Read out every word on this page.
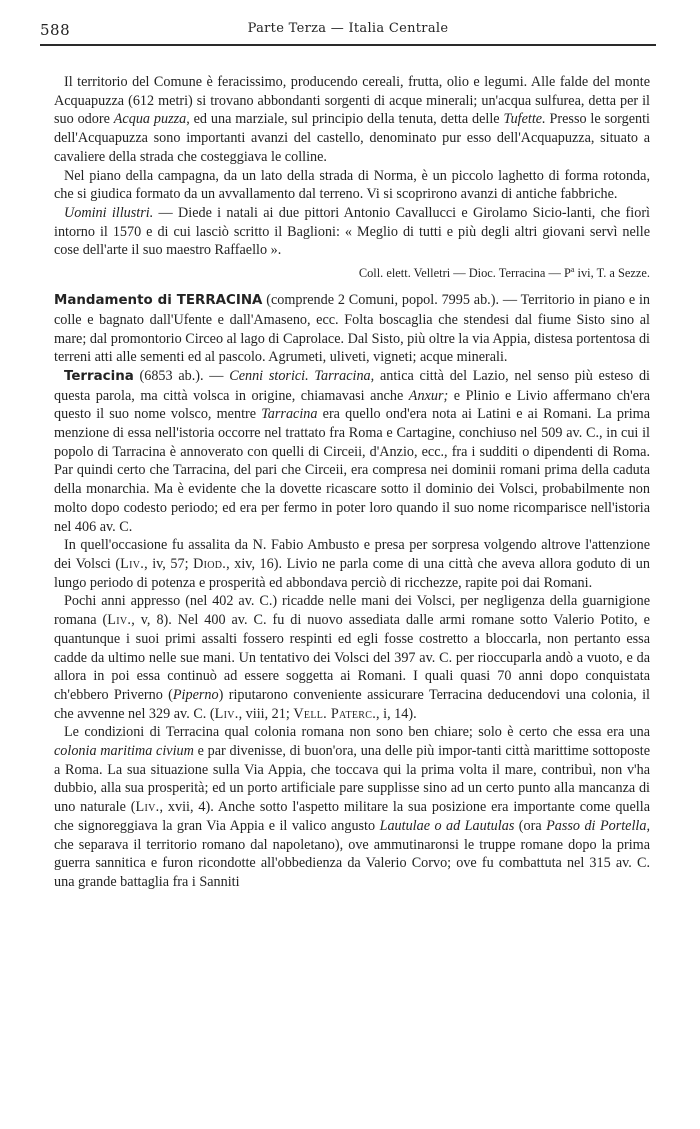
588	Parte Terza — Italia Centrale

Il territorio del Comune è feracissimo, producendo cereali, frutta, olio e legumi. Alle falde del monte Acquapuzza (612 metri) si trovano abbondanti sorgenti di acque minerali; un'acqua sulfurea, detta per il suo odore Acqua puzza, ed una marziale, sul principio della tenuta, detta delle Tufette. Presso le sorgenti dell'Acquapuzza sono importanti avanzi del castello, denominato pur esso dell'Acquapuzza, situato a cavaliere della strada che costeggiava le colline.

Nel piano della campagna, da un lato della strada di Norma, è un piccolo laghetto di forma rotonda, che si giudica formato da un avvallamento dal terreno. Vi si scoprirono avanzi di antiche fabbriche.

Uomini illustri. — Diede i natali ai due pittori Antonio Cavallucci e Girolamo Sicio-lanti, che fiorì intorno il 1570 e di cui lasciò scritto il Baglioni: « Meglio di tutti e più degli altri giovani servì nelle cose dell'arte il suo maestro Raffaello ».

Coll. elett. Velletri — Dioc. Terracina — $P^a$ ivi, T. a Sezze.

Mandamento di TERRACINA (comprende 2 Comuni, popol. 7995 ab.). — Territorio in piano e in colle e bagnato dall'Ufente e dall'Amaseno, ecc. Folta boscaglia che stendesi dal fiume Sisto sino al mare; dal promontorio Circeo al lago di Caprolace. Dal Sisto, più oltre la via Appia, distesa portentosa di terreni atti alle sementi ed al pascolo. Agrumeti, uliveti, vigneti; acque minerali.

Terracina (6853 ab.). — Cenni storici. Tarracina, antica città del Lazio, nel senso più esteso di questa parola, ma città volsca in origine, chiamavasi anche Anxur; e Plinio e Livio affermano ch'era questo il suo nome volsco, mentre Tarracina era quello ond'era nota ai Latini e ai Romani. La prima menzione di essa nell'istoria occorre nel trattato fra Roma e Cartagine, conchiuso nel 509 av. C., in cui il popolo di Tarracina è annoverato con quelli di Circeii, d'Anzio, ecc., fra i sudditi o dipendenti di Roma. Par quindi certo che Tarracina, del pari che Circeii, era compresa nei dominii romani prima della caduta della monarchia. Ma è evidente che la dovette ricascare sotto il dominio dei Volsci, probabilmente non molto dopo codesto periodo; ed era per fermo in poter loro quando il suo nome ricomparisce nell'istoria nel 406 av. C.

In quell'occasione fu assalita da N. Fabio Ambusto e presa per sorpresa volgendo altrove l'attenzione dei Volsci (Liv., iv, 57; Diod., xiv, 16). Livio ne parla come di una città che aveva allora goduto di un lungo periodo di potenza e prosperità ed abbondava perciò di ricchezze, rapite poi dai Romani.

Pochi anni appresso (nel 402 av. C.) ricadde nelle mani dei Volsci, per negligenza della guarnigione romana (Liv., v, 8). Nel 400 av. C. fu di nuovo assediata dalle armi romane sotto Valerio Potito, e quantunque i suoi primi assalti fossero respinti ed egli fosse costretto a bloccarla, non pertanto essa cadde da ultimo nelle sue mani. Un tentativo dei Volsci del 397 av. C. per rioccuparla andò a vuoto, e da allora in poi essa continuò ad essere soggetta ai Romani. I quali quasi 70 anni dopo conquistata ch'ebbero Priverno (Piperno) riputarono conveniente assicurare Terracina deducendovi una colonia, il che avvenne nel 329 av. C. (Liv., viii, 21; Vell. Paterc., i, 14).

Le condizioni di Terracina qual colonia romana non sono ben chiare; solo è certo che essa era una colonia maritima civium e par divenisse, di buon'ora, una delle più impor-tanti città marittime sottoposte a Roma. La sua situazione sulla Via Appia, che toccava qui la prima volta il mare, contribuì, non v'ha dubbio, alla sua prosperità; ed un porto artificiale pare supplisse sino ad un certo punto alla mancanza di uno naturale (Liv., xvii, 4). Anche sotto l'aspetto militare la sua posizione era importante come quella che signoreggiava la gran Via Appia e il valico angusto Lautulae o ad Lautulas (ora Passo di Portella, che separava il territorio romano dal napoletano), ove ammutinaronsi le truppe romane dopo la prima guerra sannitica e furon ricondotte all'obbedienza da Valerio Corvo; ove fu combattuta nel 315 av. C. una grande battaglia fra i Sanniti
